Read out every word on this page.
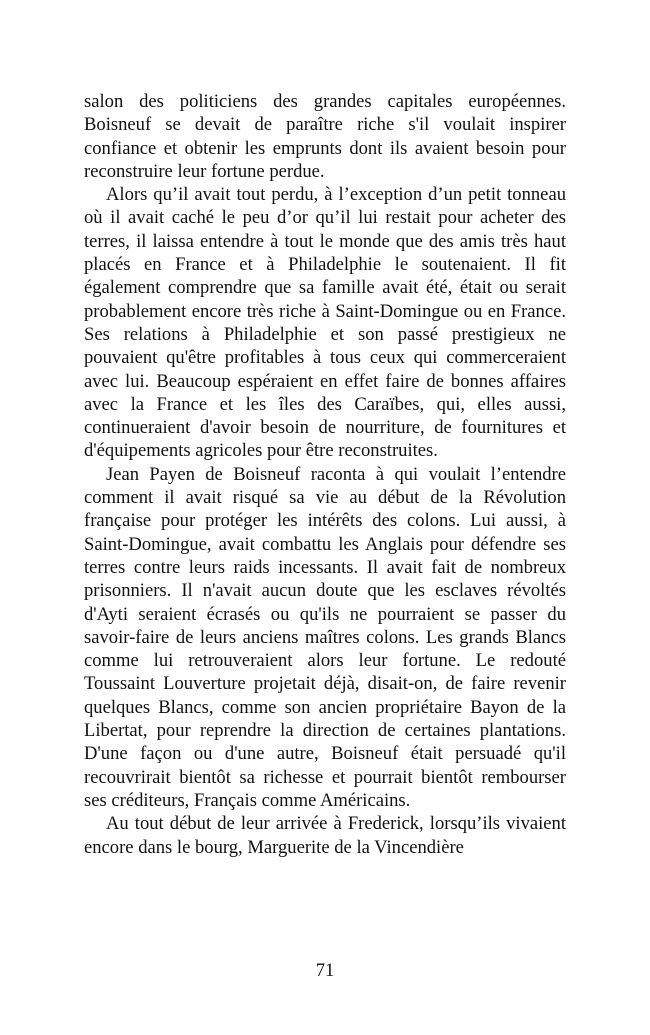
salon des politiciens des grandes capitales européennes. Boisneuf se devait de paraître riche s'il voulait inspirer confiance et obtenir les emprunts dont ils avaient besoin pour reconstruire leur fortune perdue.

Alors qu’il avait tout perdu, à l’exception d’un petit tonneau où il avait caché le peu d’or qu’il lui restait pour acheter des terres, il laissa entendre à tout le monde que des amis très haut placés en France et à Philadelphie le soutenaient. Il fit également comprendre que sa famille avait été, était ou serait probablement encore très riche à Saint-Domingue ou en France. Ses relations à Philadelphie et son passé prestigieux ne pouvaient qu'être profitables à tous ceux qui commerceraient avec lui. Beaucoup espéraient en effet faire de bonnes affaires avec la France et les îles des Caraïbes, qui, elles aussi, continueraient d'avoir besoin de nourriture, de fournitures et d'équipements agricoles pour être reconstruites.

Jean Payen de Boisneuf raconta à qui voulait l’entendre comment il avait risqué sa vie au début de la Révolution française pour protéger les intérêts des colons. Lui aussi, à Saint-Domingue, avait combattu les Anglais pour défendre ses terres contre leurs raids incessants. Il avait fait de nombreux prisonniers. Il n'avait aucun doute que les esclaves révoltés d'Ayti seraient écrasés ou qu'ils ne pourraient se passer du savoir-faire de leurs anciens maîtres colons. Les grands Blancs comme lui retrouveraient alors leur fortune. Le redouté Toussaint Louverture projetait déjà, disait-on, de faire revenir quelques Blancs, comme son ancien propriétaire Bayon de la Libertat, pour reprendre la direction de certaines plantations. D'une façon ou d'une autre, Boisneuf était persuadé qu'il recouvrirait bientôt sa richesse et pourrait bientôt rembourser ses créditeurs, Français comme Américains.

Au tout début de leur arrivée à Frederick, lorsqu’ils vivaient encore dans le bourg, Marguerite de la Vincendière

71
